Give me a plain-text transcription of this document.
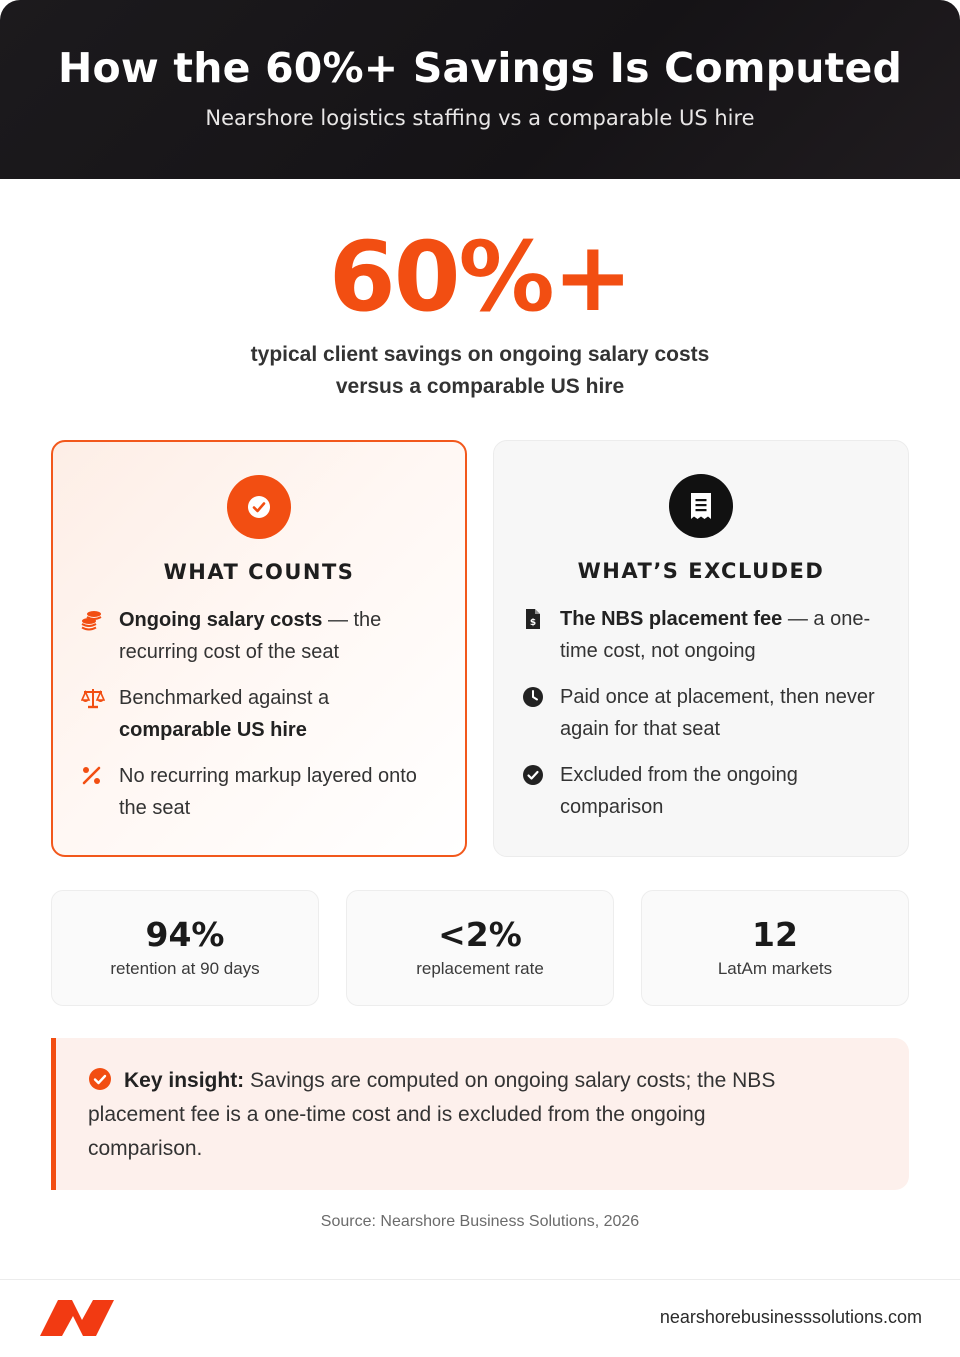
How the 60%+ Savings Is Computed
Nearshore logistics staffing vs a comparable US hire
60%+
typical client savings on ongoing salary costs
versus a comparable US hire
WHAT COUNTS
Ongoing salary costs — the recurring cost of the seat
Benchmarked against a comparable US hire
No recurring markup layered onto the seat
WHAT’S EXCLUDED
$ The NBS placement fee — a one-time cost, not ongoing
Paid once at placement, then never again for that seat
Excluded from the ongoing comparison
94%
retention at 90 days
<2%
replacement rate
12
LatAm markets
Key insight: Savings are computed on ongoing salary costs; the NBS placement fee is a one-time cost and is excluded from the ongoing comparison.
Source: Nearshore Business Solutions, 2026
nearshorebusinesssolutions.com
